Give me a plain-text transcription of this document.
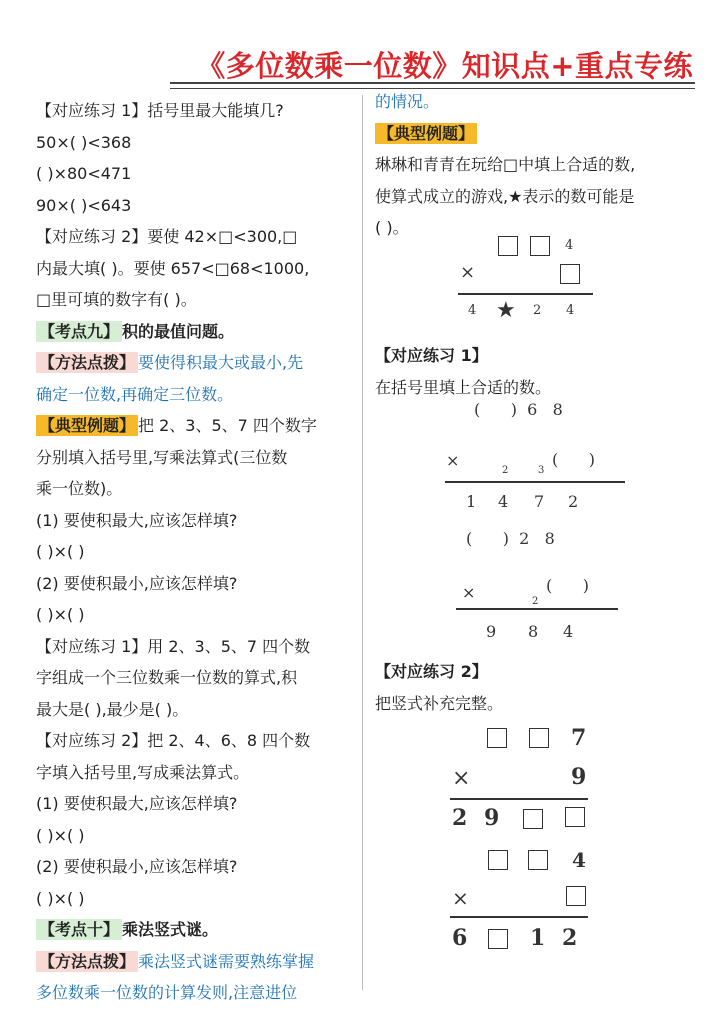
《多位数乘一位数》知识点+重点专练
【对应练习 1】括号里最大能填几?
50×( )<368
( )×80<471
90×( )<643
【对应练习 2】要使 42×□<300,□
内最大填( )。要使 657<□68<1000,
□里可填的数字有( )。
【考点九】 积的最值问题。
【方法点拨】 要使得积最大或最小,先
确定一位数,再确定三位数。
【典型例题】 把 2、3、5、7 四个数字
分别填入括号里,写乘法算式(三位数
乘一位数)。
(1) 要使积最大,应该怎样填?
( )×( )
(2) 要使积最小,应该怎样填?
( )×( )
【对应练习 1】用 2、3、5、7 四个数
字组成一个三位数乘一位数的算式,积
最大是( ),最少是( )。
【对应练习 2】把 2、4、6、8 四个数
字填入括号里,写成乘法算式。
(1) 要使积最大,应该怎样填?
( )×( )
(2) 要使积最小,应该怎样填?
( )×( )
【考点十】 乘法竖式谜。
【方法点拨】 乘法竖式谜需要熟练掌握
多位数乘一位数的计算发则,注意进位
的情况。
【典型例题】
琳琳和青青在玩给□中填上合适的数,
使算式成立的游戏,★表示的数可能是
( )。
4
×
4 ★ 2 4
【对应练习 1】
在括号里填上合适的数。
(      )  6   8
×
2	3
(      )
1 4 7 2
(      )  2   8
×	2
(      )
9 8 4
【对应练习 2】
把竖式补充完整。
7
×	9
2 9
4
×
6	1 2
